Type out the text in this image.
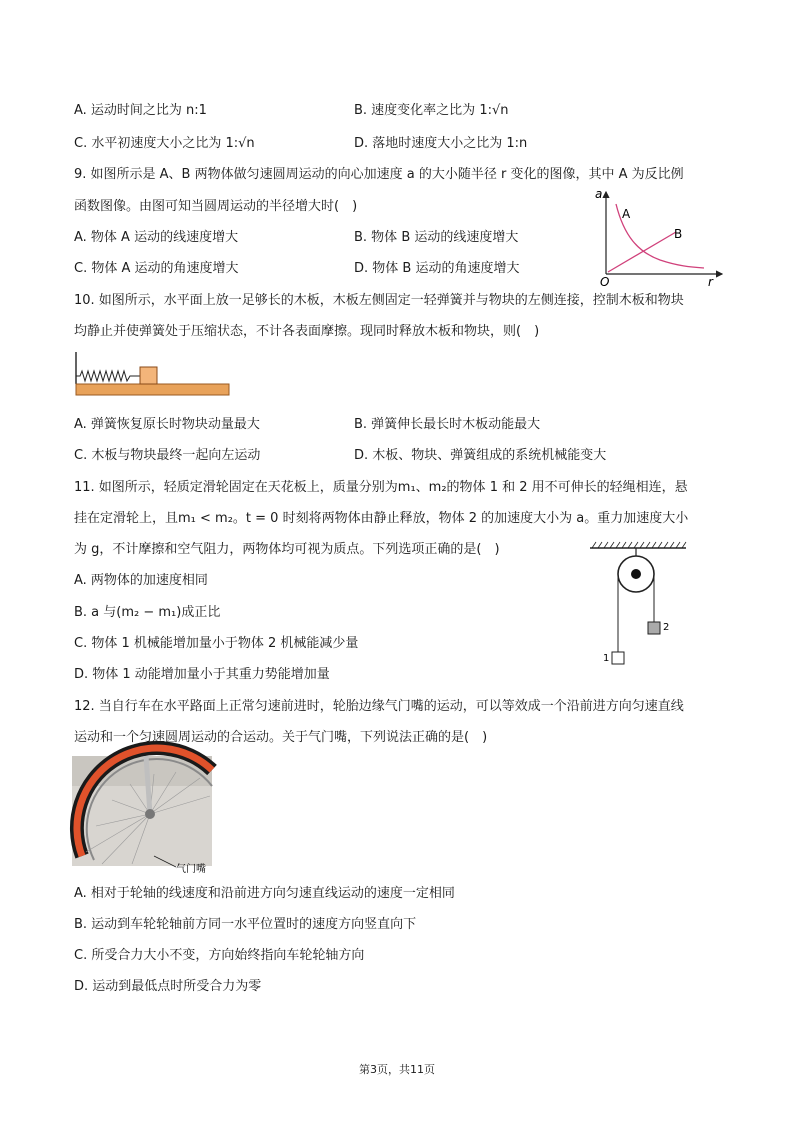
A. 运动时间之比为 n:1	B. 速度变化率之比为 1:√n
C. 水平初速度大小之比为 1:√n	D. 落地时速度大小之比为 1:n
9. 如图所示是 A、B 两物体做匀速圆周运动的向心加速度 a 的大小随半径 r 变化的图像，其中 A 为反比例
函数图像。由图可知当圆周运动的半径增大时(　)
A. 物体 A 运动的线速度增大	B. 物体 B 运动的线速度增大
C. 物体 A 运动的角速度增大	D. 物体 B 运动的角速度增大
a
r
O
A
B
10. 如图所示，水平面上放一足够长的木板，木板左侧固定一轻弹簧并与物块的左侧连接，控制木板和物块
均静止并使弹簧处于压缩状态，不计各表面摩擦。现同时释放木板和物块，则(　)
A. 弹簧恢复原长时物块动量最大	B. 弹簧伸长最长时木板动能最大
C. 木板与物块最终一起向左运动	D. 木板、物块、弹簧组成的系统机械能变大
11. 如图所示，轻质定滑轮固定在天花板上，质量分别为m₁、m₂的物体 1 和 2 用不可伸长的轻绳相连，悬
挂在定滑轮上，且m₁ < m₂。t = 0 时刻将两物体由静止释放，物体 2 的加速度大小为 a。重力加速度大小
为 g，不计摩擦和空气阻力，两物体均可视为质点。下列选项正确的是(　)
A. 两物体的加速度相同
B. a 与(m₂ − m₁)成正比
C. 物体 1 机械能增加量小于物体 2 机械能减少量
D. 物体 1 动能增加量小于其重力势能增加量
1
2
12. 当自行车在水平路面上正常匀速前进时，轮胎边缘气门嘴的运动，可以等效成一个沿前进方向匀速直线
运动和一个匀速圆周运动的合运动。关于气门嘴，下列说法正确的是(　)
气门嘴
A. 相对于轮轴的线速度和沿前进方向匀速直线运动的速度一定相同
B. 运动到车轮轮轴前方同一水平位置时的速度方向竖直向下
C. 所受合力大小不变，方向始终指向车轮轮轴方向
D. 运动到最低点时所受合力为零
第3页，共11页
